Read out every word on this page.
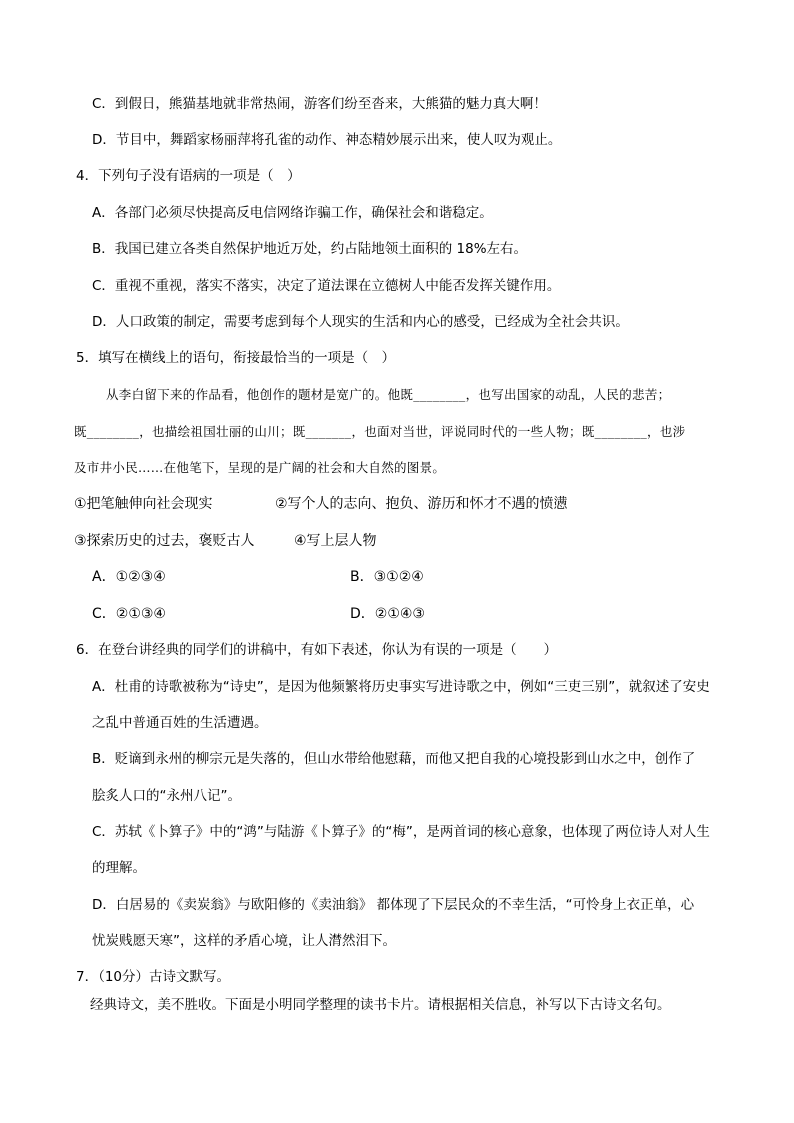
C．到假日，熊猫基地就非常热闹，游客们纷至沓来，大熊猫的魅力真大啊！
D．节目中，舞蹈家杨丽萍将孔雀的动作、神态精妙展示出来，使人叹为观止。
4．下列句子没有语病的一项是（　）
A．各部门必须尽快提高反电信网络诈骗工作，确保社会和谐稳定。
B．我国已建立各类自然保护地近万处，约占陆地领土面积的 18%左右。
C．重视不重视，落实不落实，决定了道法课在立德树人中能否发挥关键作用。
D．人口政策的制定，需要考虑到每个人现实的生活和内心的感受，已经成为全社会共识。
5．填写在横线上的语句，衔接最恰当的一项是（　）
从李白留下来的作品看，他创作的题材是宽广的。他既________，也写出国家的动乱，人民的悲苦；
既________，也描绘祖国壮丽的山川；既_______，也面对当世，评说同时代的一些人物；既________，也涉
及市井小民……在他笔下，呈现的是广阔的社会和大自然的图景。
①把笔触伸向社会现实	②写个人的志向、抱负、游历和怀才不遇的愤懑
③探索历史的过去，褒贬古人	④写上层人物
A．①②③④	B．③①②④
C．②①③④	D．②①④③
6．在登台讲经典的同学们的讲稿中，有如下表述，你认为有误的一项是（　　）
A．杜甫的诗歌被称为“诗史”，是因为他频繁将历史事实写进诗歌之中，例如“三吏三别”，就叙述了安史
之乱中普通百姓的生活遭遇。
B．贬谪到永州的柳宗元是失落的，但山水带给他慰藉，而他又把自我的心境投影到山水之中，创作了
脍炙人口的“永州八记”。
C．苏轼《卜算子》中的“鸿”与陆游《卜算子》的“梅”，是两首词的核心意象，也体现了两位诗人对人生
的理解。
D．白居易的《卖炭翁》与欧阳修的《卖油翁》 都体现了下层民众的不幸生活，“可怜身上衣正单，心
忧炭贱愿天寒”，这样的矛盾心境，让人潸然泪下。
7．（10分）古诗文默写。
经典诗文，美不胜收。下面是小明同学整理的读书卡片。请根据相关信息，补写以下古诗文名句。
